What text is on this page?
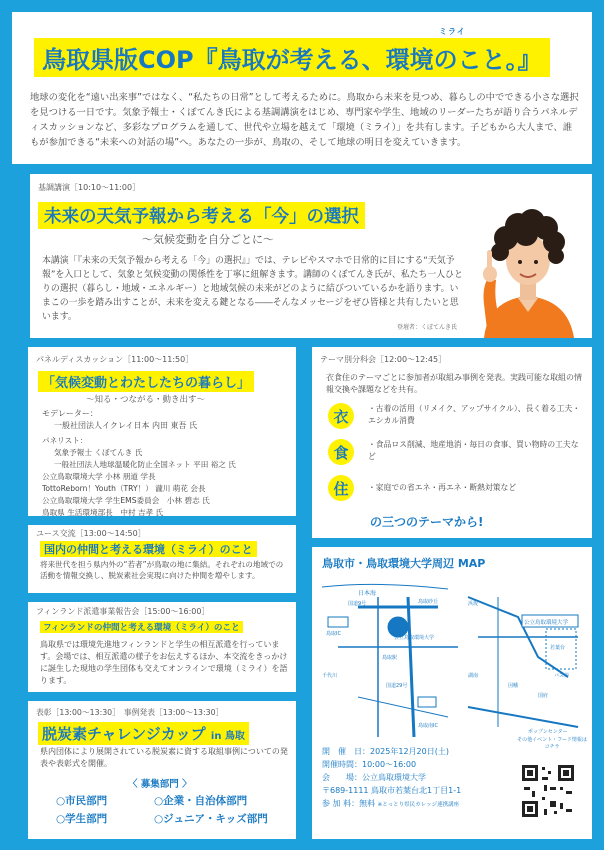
鳥取県版COP『鳥取が考える、環境のこと。』
ミライ

地球の変化を“遠い出来事”ではなく、“私たちの日常”として考えるために。鳥取から未来を見つめ、暮らしの中でできる小さな選択を見つける一日です。気象予報士・くぼてんき氏による基調講演をはじめ、専門家や学生、地域のリーダーたちが語り合うパネルディスカッションなど、多彩なプログラムを通して、世代や立場を越えて「環境（ミライ）」を共有します。子どもから大人まで、誰もが参加できる“未来への対話の場”へ。あなたの一歩が、鳥取の、そして地球の明日を変えていきます。

基調講演［10:10～11:00］
未来の天気予報から考える「今」の選択
～気候変動を自分ごとに～

本講演「『未来の天気予報から考える「今」の選択』」では、テレビやスマホで日常的に目にする“天気予報”を入口として、気象と気候変動の関係性を丁寧に紐解きます。講師のくぼてんき氏が、私たち一人ひとりの選択（暮らし・地域・エネルギー）と地域気候の未来がどのように結びついているかを語ります。いまこの一歩を踏み出すことが、未来を変える鍵となる――そんなメッセージをぜひ皆様と共有したいと思います。

登壇者：くぼてんき氏
パネルディスカッション［11:00～11:50］
「気候変動とわたしたちの暮らし」
～知る・つながる・動き出す～
モデレーター：
一般社団法人イクレイ日本 内田 東吾 氏
パネリスト：
気象予報士 くぼてんき 氏
一般社団法人地球温暖化防止全国ネット 平田 裕之 氏
公立鳥取環境大学 小林 朋道 学長
TottoReborn！Youth（TRY！） 瀧川 萌花 会長
公立鳥取環境大学 学生EMS委員会　小林 碧志 氏
鳥取県 生活環境部長　中村 吉孝 氏
テーマ別分科会［12:00～12:45］

衣食住のテーマごとに参加者が取組み事例を発表。実践可能な取組の情報交換や課題などを共有。

衣	・古着の活用（リメイク、アップサイクル）、長く着る工夫・エシカル消費
食	・食品ロス削減、地産地消・毎日の食事、買い物時の工夫など
住	・家庭での省エネ・再エネ・断熱対策など
の三つのテーマから!
ユース交流［13:00～14:50］
国内の仲間と考える環境（ミライ）のこと

将来世代を担う県内外の“若者”が鳥取の地に集結。それぞれの地域での活動を情報交換し、脱炭素社会実現に向けた仲間を増やします。

フィンランド派遣事業報告会［15:00～16:00］
フィンランドの仲間と考える環境（ミライ）のこと

鳥取県では環境先進地フィンランドと学生の相互派遣を行っています。会場では、相互派遣の様子をお伝えするほか、本交流をきっかけに誕生した現地の学生団体も交えてオンラインで環境（ミライ）を語ります。

表彰［13:00～13:30］　事例発表［13:00～13:30］
脱炭素チャレンジカップ in 鳥取

県内団体により展開されている脱炭素に資する取組事例についての発表や表彰式を開催。

〈 募集部門 〉
○市民部門	○企業・自治体部門
○学生部門	○ジュニア・キッズ部門
鳥取市・鳥取環境大学周辺 MAP
日本海
公立鳥取環境大学
鳥取IC
鳥取駅
鳥取砂丘
国道9号
国道29号
鳥取南IC
千代川
公立鳥取環境大学
浜坂
湖南
若葉台
因幡
国府
ポップンセンター
バス停
開　催　日：2025年12月20日(土)
開催時間：10:00～16:00
会　　場：公立鳥取環境大学
〒689-1111 鳥取市若葉台北1丁目1-1
参 加 料：無料 ※とっとり県民カレッジ連携講座
その他イベント・フード情報はコチラ
